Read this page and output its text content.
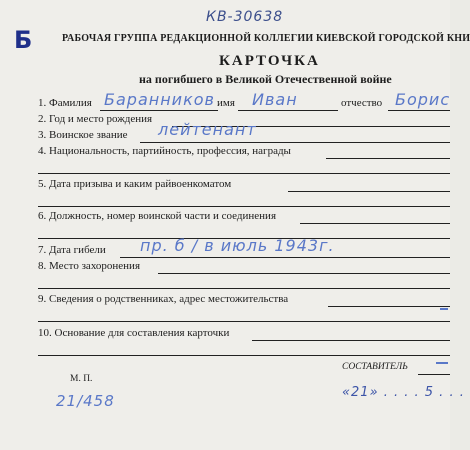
КВ-30638
Б	РАБОЧАЯ ГРУППА РЕДАКЦИОННОЙ КОЛЛЕГИИ КИЕВСКОЙ ГОРОДСКОЙ КНИ
КАРТОЧКА
на погибшего в Великой Отечественной войне
1. Фамилия Баранников имя Иван	отчество Борис
2. Год и место рождения
3. Воинское звание лейтенант
4. Национальность, партийность, профессия, награды
5. Дата призыва и каким райвоенкоматом
6. Должность, номер воинской части и соединения
7. Дата гибели пр. б / в июль 1943г.
8. Место захоронения
9. Сведения о родственниках, адрес местожительства
10. Основание для составления карточки
М. П.
21/458
СОСТАВИТЕЛЬ
«21» . . . . 5 . . .
